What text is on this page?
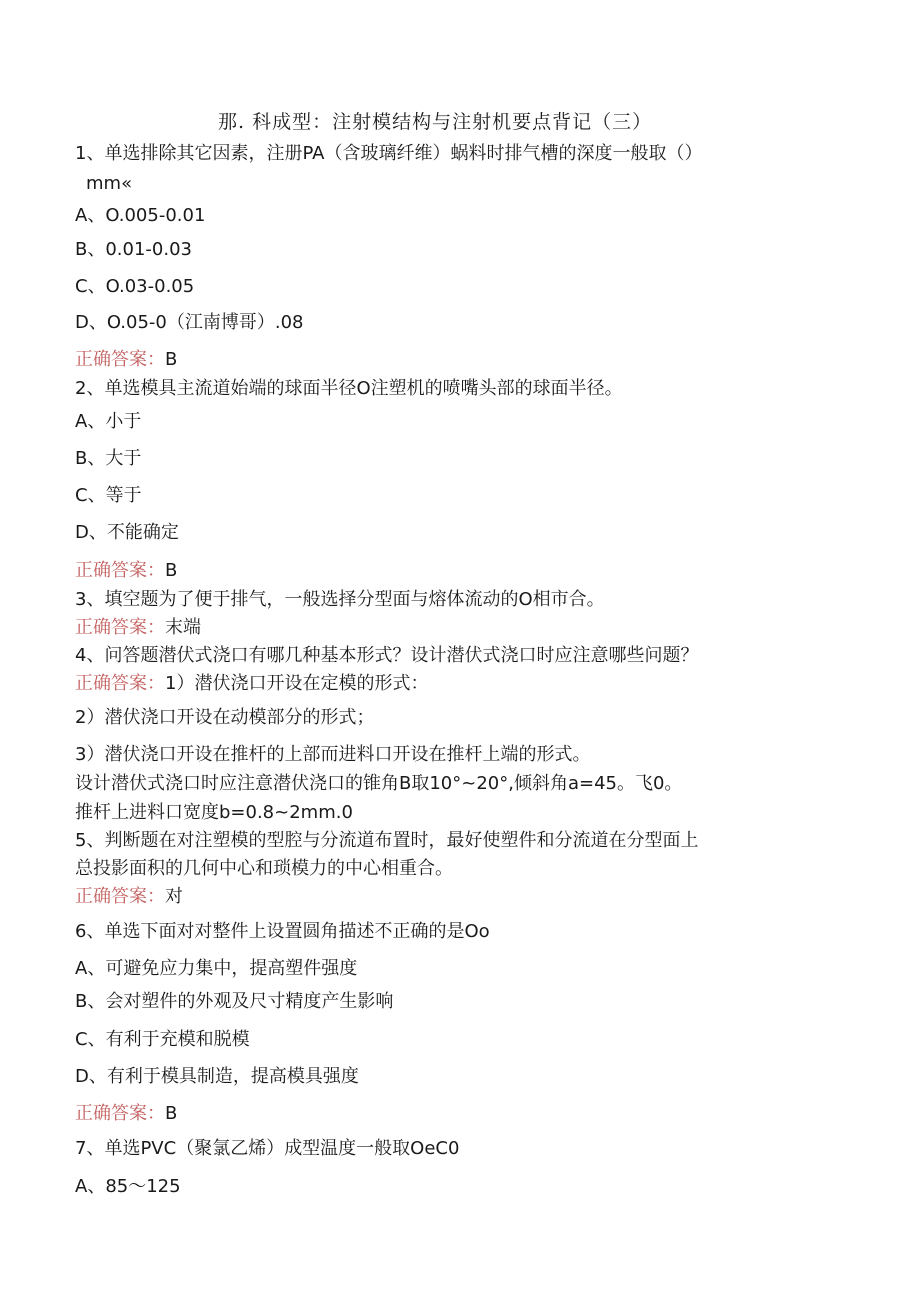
那. 科成型：注射模结构与注射机要点背记（三）
1、单选排除其它因素，注册PA（含玻璃纤维）蜗料时排气槽的深度一般取（）
mm«
A、O.005-0.01
B、0.01-0.03
C、O.03-0.05
D、O.05-0（江南博哥）.08
正确答案：B
2、单选模具主流道始端的球面半径O注塑机的喷嘴头部的球面半径。
A、小于
B、大于
C、等于
D、不能确定
正确答案：B
3、填空题为了便于排气，一般选择分型面与熔体流动的O相市合。
正确答案：末端
4、问答题潜伏式浇口有哪几种基本形式？设计潜伏式浇口时应注意哪些问题？
正确答案：1）潜伏浇口开设在定模的形式：
2）潜伏浇口开设在动模部分的形式；
3）潜伏浇口开设在推杆的上部而进料口开设在推杆上端的形式。
设计潜伏式浇口时应注意潜伏浇口的锥角B取10°~20°,倾斜角a=45。飞0。
推杆上进料口宽度b=0.8~2mm.0
5、判断题在对注塑模的型腔与分流道布置时，最好使塑件和分流道在分型面上
总投影面积的几何中心和琐模力的中心相重合。
正确答案：对
6、单选下面对对整件上设置圆角描述不正确的是Oo
A、可避免应力集中，提高塑件强度
B、会对塑件的外观及尺寸精度产生影响
C、有利于充模和脱模
D、有利于模具制造，提高模具强度
正确答案：B
7、单选PVC（聚氯乙烯）成型温度一般取OeC0
A、85～125
